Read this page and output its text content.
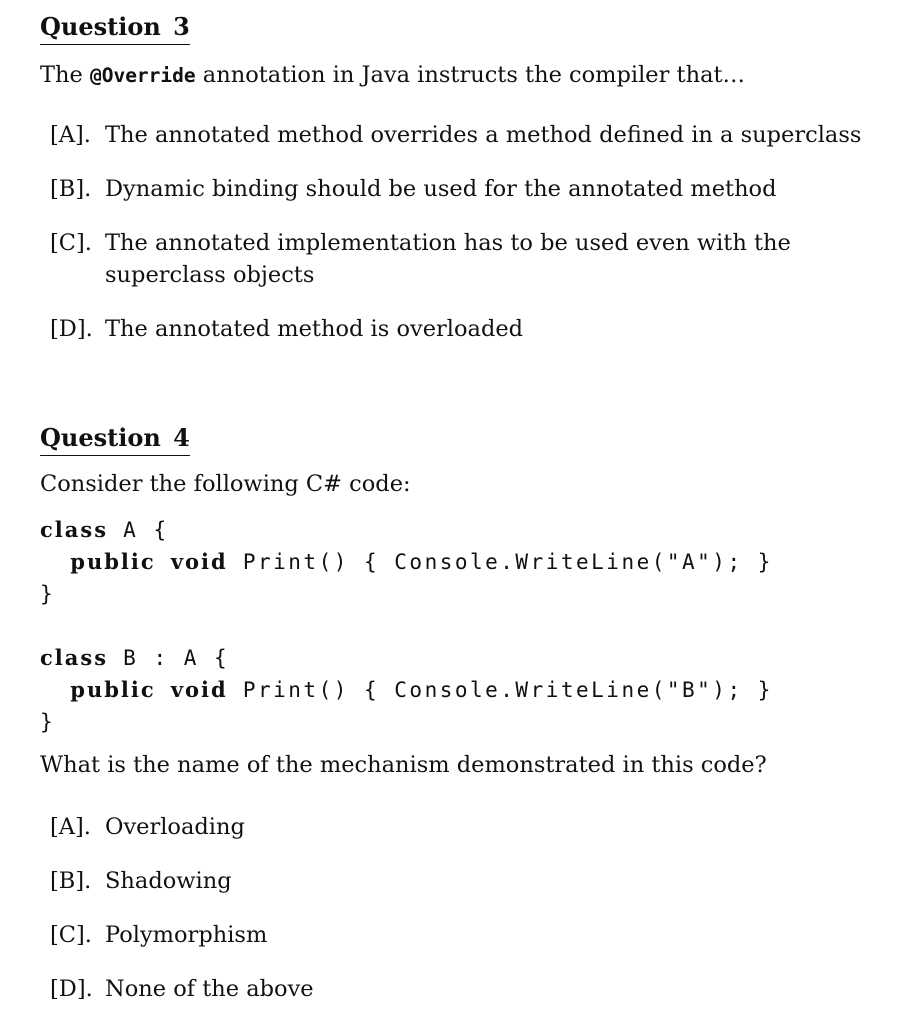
Question 3

The @Override annotation in Java instructs the compiler that…

[A]. The annotated method overrides a method defined in a superclass
[B]. Dynamic binding should be used for the annotated method
[C]. The annotated implementation has to be used even with the superclass objects
[D]. The annotated method is overloaded
Question 4

Consider the following C# code:

class A {
public void Print() { Console.WriteLine("A"); }
}

class B : A {
public void Print() { Console.WriteLine("B"); }
}

What is the name of the mechanism demonstrated in this code?

[A]. Overloading
[B]. Shadowing
[C]. Polymorphism
[D]. None of the above
